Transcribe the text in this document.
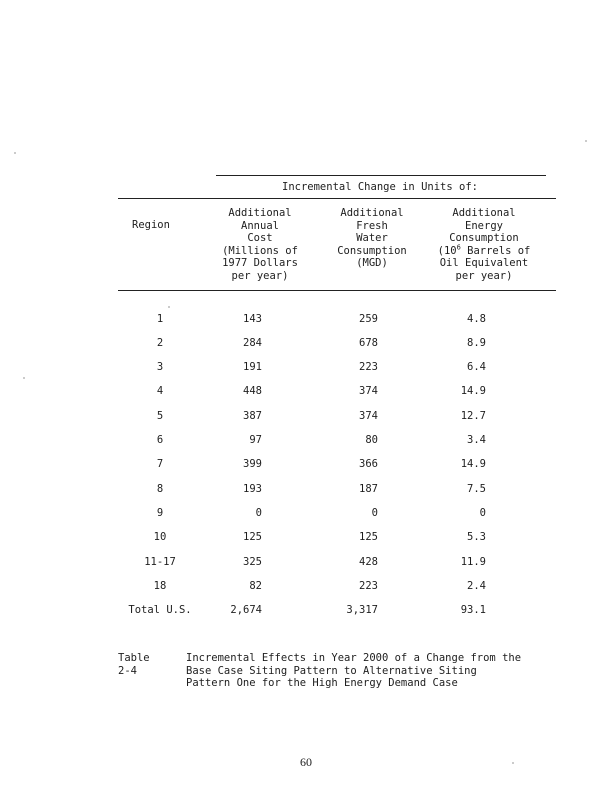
Incremental Change in Units of:
Region
Additional
Annual
Cost
(Millions of
1977 Dollars
per year)
Additional
Fresh
Water
Consumption
(MGD)
Additional
Energy
Consumption
($10^6$ Barrels of
Oil Equivalent
per year)
1	143	259	4.8
2	284	678	8.9
3	191	223	6.4
4	448	374	14.9
5	387	374	12.7
6	97	80	3.4
7	399	366	14.9
8	193	187	7.5
9	0	0	0
10	125	125	5.3
11-17	325	428	11.9
18	82	223	2.4
Total U.S.	2,674	3,317	93.1
Table 2-4
Incremental Effects in Year 2000 of a Change from the Base Case Siting Pattern to Alternative Siting Pattern One for the High Energy Demand Case
60
